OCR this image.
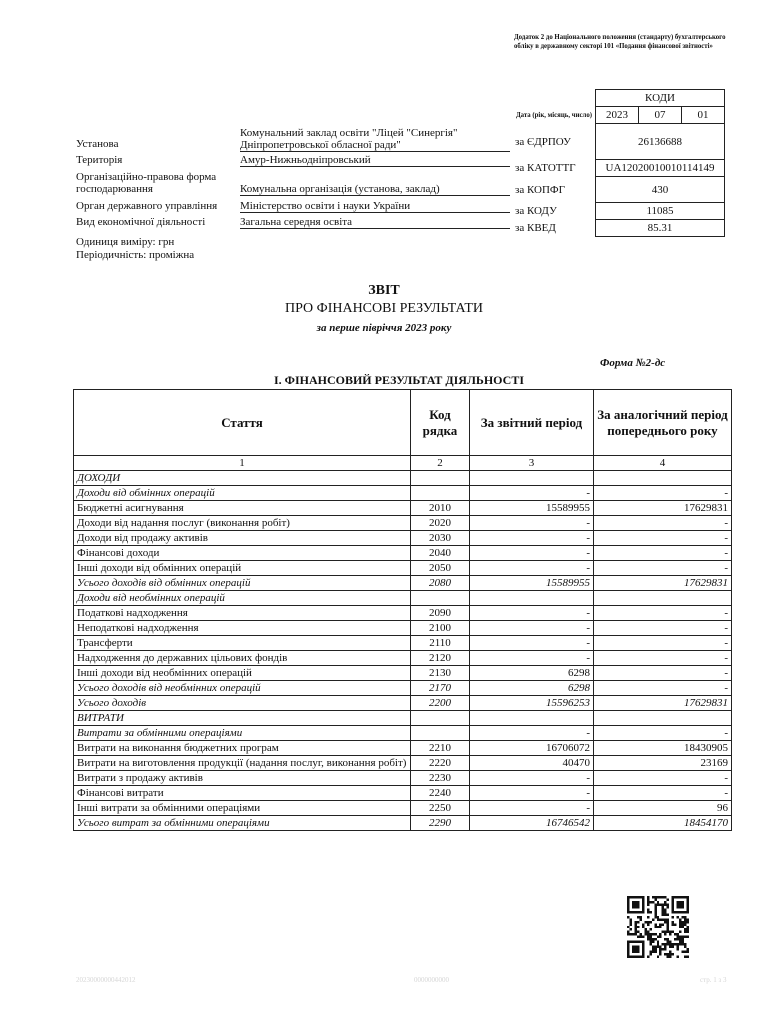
Додаток 2 до Національного положення (стандарту) бухгалтерського обліку в державному секторі 101 «Подання фінансової звітності»
	КОДИ		
Дата (рік, місяць, число)	2023	07	01
за ЄДРПОУ	26136688		
за КАТОТТГ	UA12020010010114149		
за КОПФГ	430		
за КОДУ	11085		
за КВЕД	85.31		
Установа
Комунальний заклад освіти "Ліцей "Синергія" Дніпропетровської обласної ради"
Територія	Амур-Нижньодніпровський
Організаційно-правова форма господарювання	Комунальна організація (установа, заклад)
Орган державного управління	Міністерство освіти і науки України
Вид економічної діяльності	Загальна середня освіта
Одиниця виміру: грн
Періодичність: проміжна
ЗВІТ
ПРО ФІНАНСОВІ РЕЗУЛЬТАТИ
за перше півріччя 2023 року
Форма №2-дс
І. ФІНАНСОВИЙ РЕЗУЛЬТАТ ДІЯЛЬНОСТІ
Стаття	Код рядка	За звітний період	За аналогічний період попереднього року
1	2	3	4
ДОХОДИ			
Доходи від обмінних операцій		-	-
Бюджетні асигнування	2010	15589955	17629831
Доходи від надання послуг (виконання робіт)	2020	-	-
Доходи від продажу активів	2030	-	-
Фінансові доходи	2040	-	-
Інші доходи від обмінних операцій	2050	-	-
Усього доходів від обмінних операцій	2080	15589955	17629831
Доходи від необмінних операцій			
Податкові надходження	2090	-	-
Неподаткові надходження	2100	-	-
Трансферти	2110	-	-
Надходження до державних цільових фондів	2120	-	-
Інші доходи від необмінних операцій	2130	6298	-
Усього доходів від необмінних операцій	2170	6298	-
Усього доходів	2200	15596253	17629831
ВИТРАТИ			
Витрати за обмінними операціями		-	-
Витрати на виконання бюджетних програм	2210	16706072	18430905
Витрати на виготовлення продукції (надання послуг, виконання робіт)	2220	40470	23169
Витрати з продажу активів	2230	-	-
Фінансові витрати	2240	-	-
Інші витрати за обмінними операціями	2250	-	96
Усього витрат за обмінними операціями	2290	16746542	18454170
20230000000442012	0000000000	стр. 1 з 3
